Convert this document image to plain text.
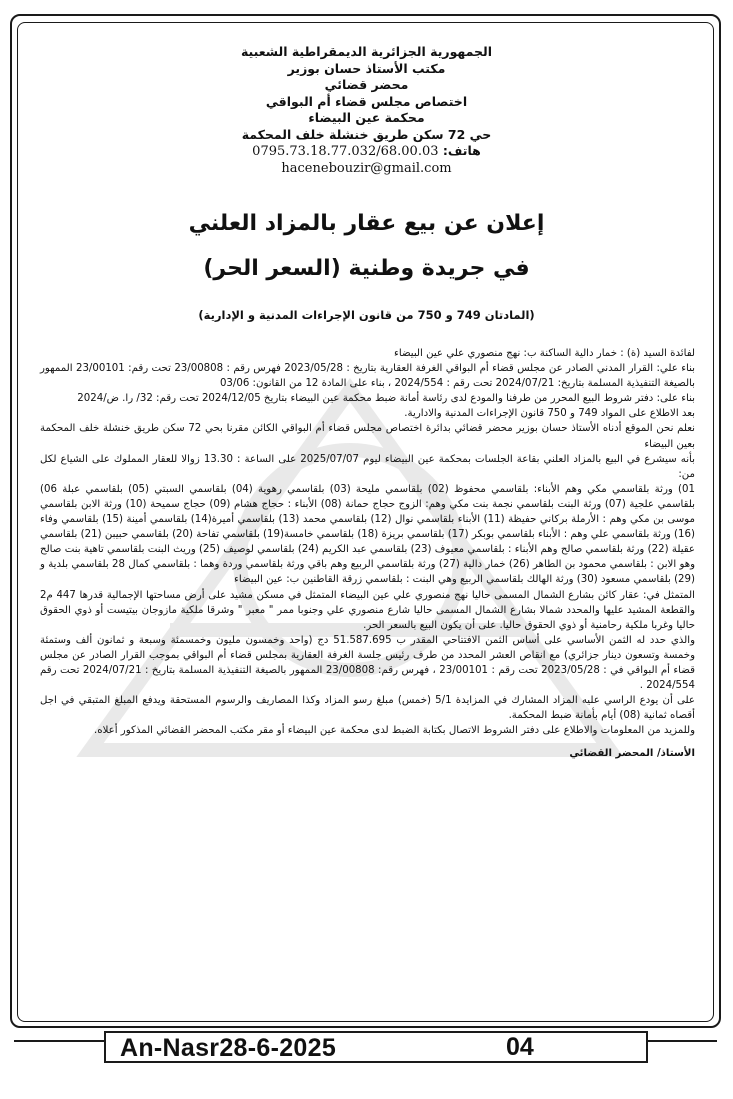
الجمهورية الجزائرية الديمقراطية الشعبية
مكتب الأستاذ حسان بوزير
محضر قضائي
اختصاص مجلس قضاء أم البواقي
محكمة عين البيضاء
حي 72 سكن طريق خنشلة خلف المحكمة
هاتف: 0795.73.18.77.032/68.00.03
hacenebouzir@gmail.com
إعلان عن بيع عقار بالمزاد العلني
في جريدة وطنية (السعر الحر)
(المادتان 749 و 750 من قانون الإجراءات المدنية و الإدارية)

لفائدة السيد (ة) : خمار دالية الساكنة ب: نهج منصوري علي عين البيضاء

بناء علي: القرار المدني الصادر عن مجلس قضاء أم البواقي الغرفة العقارية بتاريخ : 2023/05/28 فهرس رقم : 23/00808 تحت رقم: 23/00101 الممهور بالصيغة التنفيذية المسلمة بتاريخ: 2024/07/21 تحت رقم : 2024/554 ، بناء على المادة 12 من القانون: 03/06

بناء على: دفتر شروط البيع المحرر من طرفنا والمودع لدى رئاسة أمانة ضبط محكمة عين البيضاء بتاريخ 2024/12/05 تحت رقم: 32/ را. ض/2024

بعد الاطلاع على المواد 749 و 750 قانون الإجراءات المدنية والادارية.

نعلم نحن الموقع أدناه الأستاذ حسان بوزير محضر قضائي بدائرة اختصاص مجلس قضاء أم البواقي الكائن مقرنا بحي 72 سكن طريق خنشلة خلف المحكمة بعين البيضاء

بأنه سيشرع في البيع بالمزاد العلني بقاعة الجلسات بمحكمة عين البيضاء ليوم 2025/07/07 على الساعة : 13.30 زوالا للعقار المملوك على الشياع لكل من:

01) ورثة بلقاسمي مكي وهم الأبناء: بلقاسمي محفوظ (02) بلقاسمي مليحة (03) بلقاسمي رهوية (04) بلقاسمي السبتي (05) بلقاسمي عبلة 06) بلقاسمي علجية (07) ورثة البنت بلقاسمي نجمة بنت مكي وهم: الزوج حجاج حمانة (08) الأبناء : حجاج هشام (09) حجاج سميحة (10) ورثة الابن بلقاسمي موسى بن مكي وهم : الأرملة بركاني حفيظة (11) الأبناء بلقاسمي نوال (12) بلقاسمي محمد (13) بلقاسمي أميرة(14) بلقاسمي أمينة (15) بلقاسمي وفاء (16) ورثة بلقاسمي علي وهم : الأبناء بلقاسمي بوبكر (17) بلقاسمي بريزة (18) بلقاسمي خامسة(19) بلقاسمي تفاحة (20) بلقاسمي حبيبن (21) بلقاسمي عقيلة (22) ورثة بلقاسمي صالح وهم الأبناء : بلقاسمي معيوف (23) بلقاسمي عبد الكريم (24) بلقاسمي لوصيف (25) وريث البنت بلقاسمي تاهية بنت صالح وهو الابن : بلقاسمي محمود بن الطاهر (26) خمار دالية (27) ورثة بلقاسمي الربيع وهم باقي ورثة بلقاسمي وردة وهما : بلقاسمي كمال 28 بلقاسمي بلدية و (29) بلقاسمي مسعود (30) ورثة الهالك بلقاسمي الربيع وهي البنت : بلقاسمي زرقة القاطنين ب: عين البيضاء

المتمثل في: عقار كائن بشارع الشمال المسمى حاليا نهج منصوري علي عين البيضاء المتمثل في مسكن مشيد على أرض مساحتها الإجمالية قدرها 447 م2 والقطعة المشيد عليها والمحدد شمالا بشارع الشمال المسمى حاليا شارع منصوري علي وجنوبا ممر " معبر " وشرقا ملكية مازوجان بيتيست أو ذوي الحقوق حاليا وغربا ملكية رحامنية أو ذوي الحقوق حاليا. على أن يكون البيع بالسعر الحر.

والذي حدد له الثمن الأساسي على أساس الثمن الافتتاحي المقدر ب 51.587.695 دج (واحد وخمسون مليون وخمسمئة وسبعة و ثمانون ألف وستمئة وخمسة وتسعون دينار جزائري) مع انقاص العشر المحدد من طرف رئيس جلسة الغرفة العقارية بمجلس قضاء أم البواقي بموجب القرار الصادر عن مجلس قضاء أم البواقي في : 2023/05/28 تحت رقم : 23/00101 ، فهرس رقم: 23/00808 الممهور بالصيغة التنفيذية المسلمة بتاريخ : 2024/07/21 تحت رقم 2024/554 .

على أن يودع الراسي عليه المزاد المشارك في المزايدة 5/1 (خمس) مبلغ رسو المزاد وكذا المصاريف والرسوم المستحقة ويدفع المبلغ المتبقي في اجل أقصاه ثمانية (08) أيام بأمانة ضبط المحكمة.

وللمزيد من المعلومات والاطلاع على دفتر الشروط الاتصال بكتابة الضبط لدى محكمة عين البيضاء أو مقر مكتب المحضر القضائي المذكور أعلاه.

الأستاذ/ المحضر القضائي

An-Nasr28-6-2025	04
